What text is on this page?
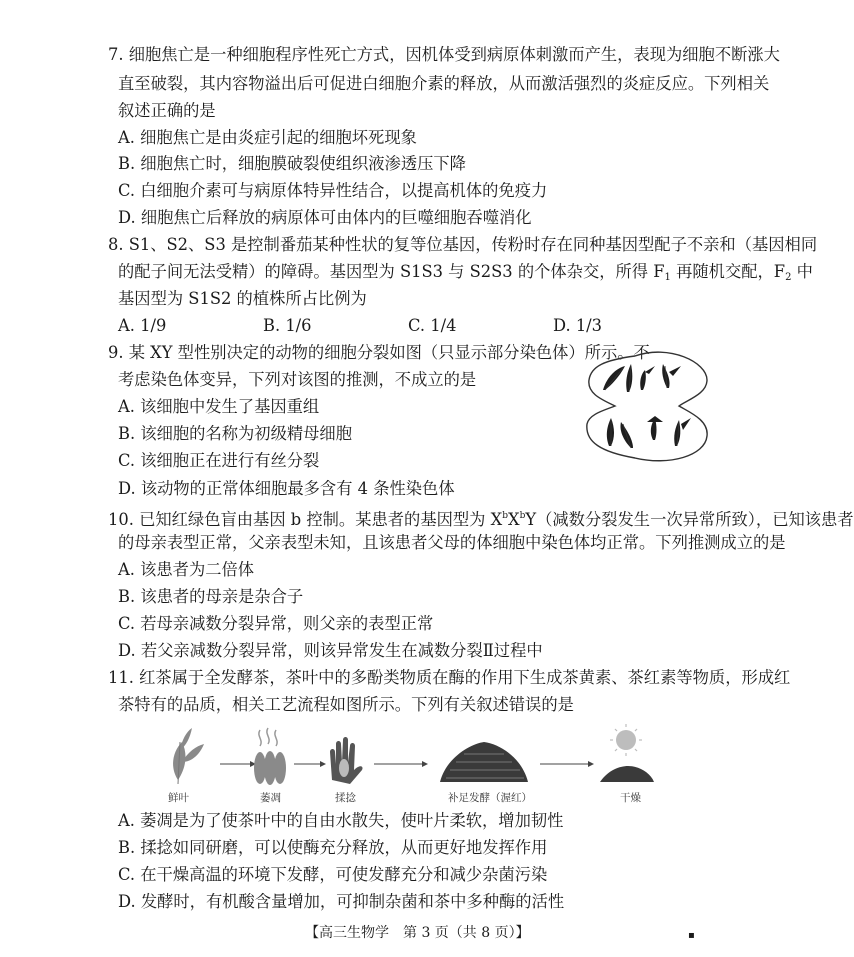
7. 细胞焦亡是一种细胞程序性死亡方式，因机体受到病原体刺激而产生，表现为细胞不断涨大
直至破裂，其内容物溢出后可促进白细胞介素的释放，从而激活强烈的炎症反应。下列相关
叙述正确的是
A. 细胞焦亡是由炎症引起的细胞坏死现象
B. 细胞焦亡时，细胞膜破裂使组织液渗透压下降
C. 白细胞介素可与病原体特异性结合，以提高机体的免疫力
D. 细胞焦亡后释放的病原体可由体内的巨噬细胞吞噬消化
8. S1、S2、S3 是控制番茄某种性状的复等位基因，传粉时存在同种基因型配子不亲和（基因相同
的配子间无法受精）的障碍。基因型为 S1S3 与 S2S3 的个体杂交，所得 $F_1$ 再随机交配，$F_2$ 中
基因型为 S1S2 的植株所占比例为
A. 1/9	B. 1/6	C. 1/4	D. 1/3
9. 某 XY 型性别决定的动物的细胞分裂如图（只显示部分染色体）所示。不
考虑染色体变异，下列对该图的推测，不成立的是
A. 该细胞中发生了基因重组
B. 该细胞的名称为初级精母细胞
C. 该细胞正在进行有丝分裂
D. 该动物的正常体细胞最多含有 4 条性染色体
10. 已知红绿色盲由基因 b 控制。某患者的基因型为 $X^bX^bY$（减数分裂发生一次异常所致），已知该患者
的母亲表型正常，父亲表型未知，且该患者父母的体细胞中染色体均正常。下列推测成立的是
A. 该患者为二倍体
B. 该患者的母亲是杂合子
C. 若母亲减数分裂异常，则父亲的表型正常
D. 若父亲减数分裂异常，则该异常发生在减数分裂Ⅱ过程中
11. 红茶属于全发酵茶，茶叶中的多酚类物质在酶的作用下生成茶黄素、茶红素等物质，形成红
茶特有的品质，相关工艺流程如图所示。下列有关叙述错误的是
鲜叶	萎凋	揉捻	补足发酵（渥红）	干燥
A. 萎凋是为了使茶叶中的自由水散失，使叶片柔软，增加韧性
B. 揉捻如同研磨，可以使酶充分释放，从而更好地发挥作用
C. 在干燥高温的环境下发酵，可使发酵充分和减少杂菌污染
D. 发酵时，有机酸含量增加，可抑制杂菌和茶中多种酶的活性
【高三生物学　第 3 页（共 8 页）】	▪
